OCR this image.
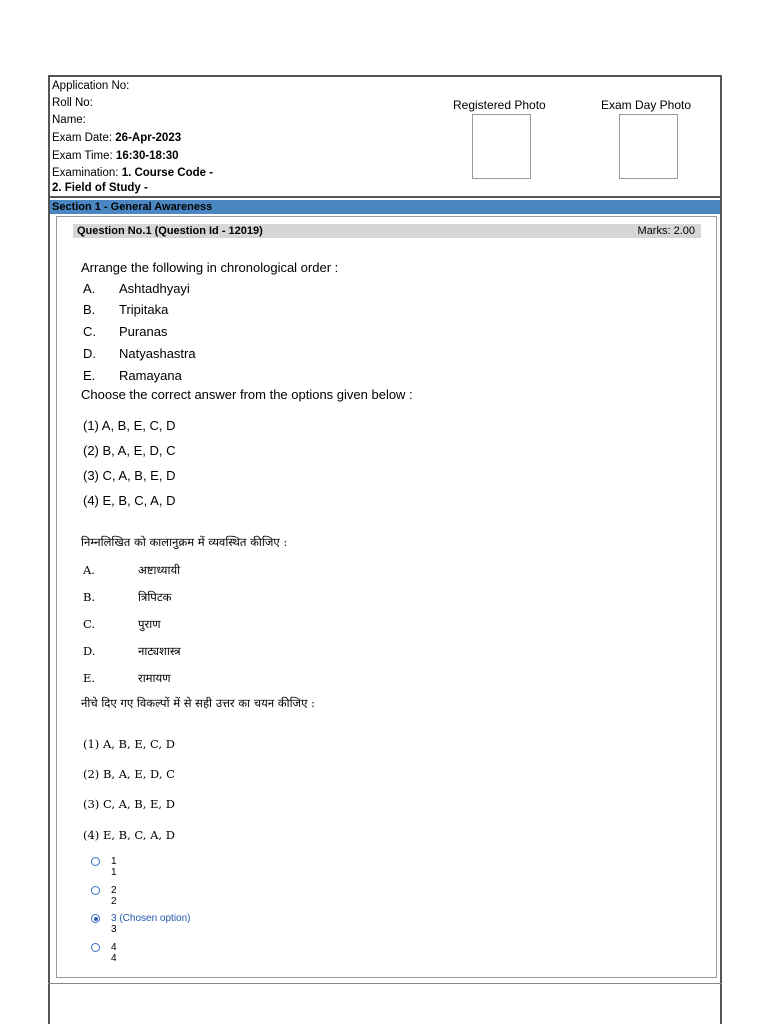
Application No:
Roll No:
Name:
Exam Date: 26-Apr-2023
Exam Time: 16:30-18:30
Examination: 1. Course Code -
2. Field of Study -
Registered Photo	Exam Day Photo
Section 1 - General Awareness
Question No.1 (Question Id - 12019)	Marks: 2.00
Arrange the following in chronological order :
A. Ashtadhyayi
B. Tripitaka
C. Puranas
D. Natyashastra
E. Ramayana
Choose the correct answer from the options given below :
(1) A, B, E, C, D
(2) B, A, E, D, C
(3) C, A, B, E, D
(4) E, B, C, A, D
निम्नलिखित को कालानुक्रम में व्यवस्थित कीजिए :
A.	अष्टाध्यायी
B.	त्रिपिटक
C.	पुराण
D.	नाट्यशास्त्र
E.	रामायण
नीचे दिए गए विकल्पों में से सही उत्तर का चयन कीजिए :
(1) A, B, E, C, D
(2) B, A, E, D, C
(3) C, A, B, E, D
(4) E, B, C, A, D
1
1
2
2
3 (Chosen option)
3
4
4
